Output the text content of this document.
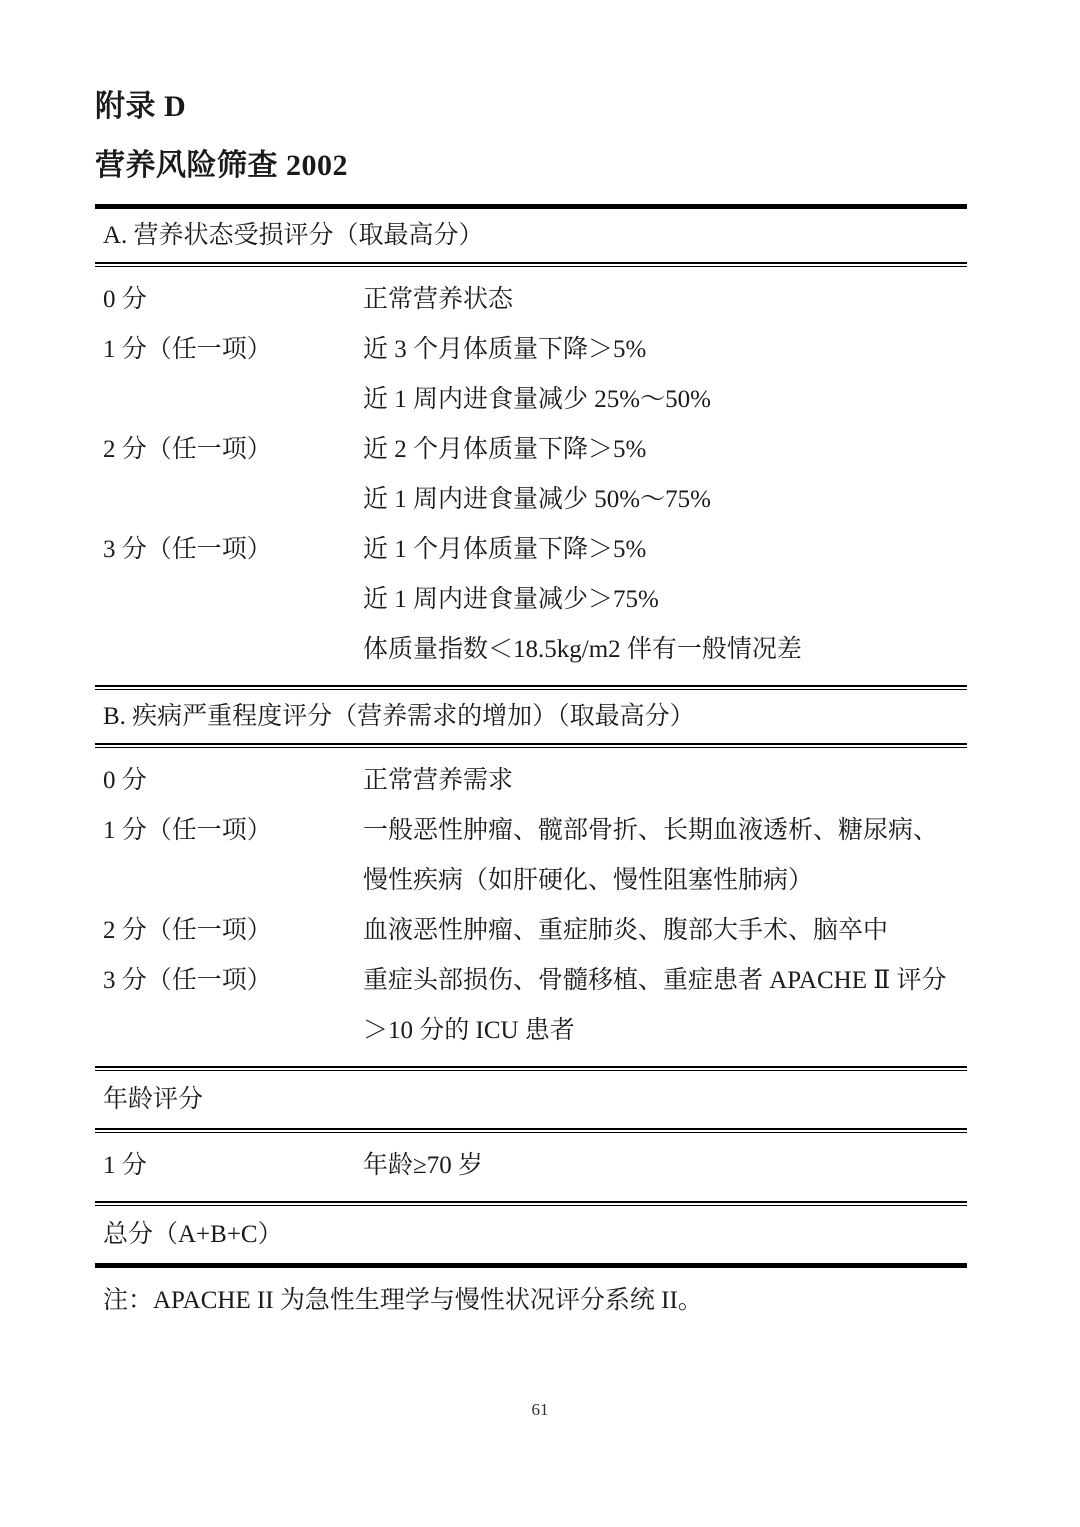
附录 D
营养风险筛查 2002
A. 营养状态受损评分（取最高分）
0 分	正常营养状态
1 分（任一项）	近 3 个月体质量下降＞5%
近 1 周内进食量减少 25%～50%
2 分（任一项）	近 2 个月体质量下降＞5%
近 1 周内进食量减少 50%～75%
3 分（任一项）	近 1 个月体质量下降＞5%
近 1 周内进食量减少＞75%
体质量指数＜18.5kg/m2 伴有一般情况差
B. 疾病严重程度评分（营养需求的增加）（取最高分）
0 分	正常营养需求
1 分（任一项）	一般恶性肿瘤、髋部骨折、长期血液透析、糖尿病、
慢性疾病（如肝硬化、慢性阻塞性肺病）
2 分（任一项）	血液恶性肿瘤、重症肺炎、腹部大手术、脑卒中
3 分（任一项）	重症头部损伤、骨髓移植、重症患者 APACHE Ⅱ 评分
＞10 分的 ICU 患者
年龄评分
1 分	年龄≥70 岁
总分（A+B+C）
注：APACHE II 为急性生理学与慢性状况评分系统 II。
61
